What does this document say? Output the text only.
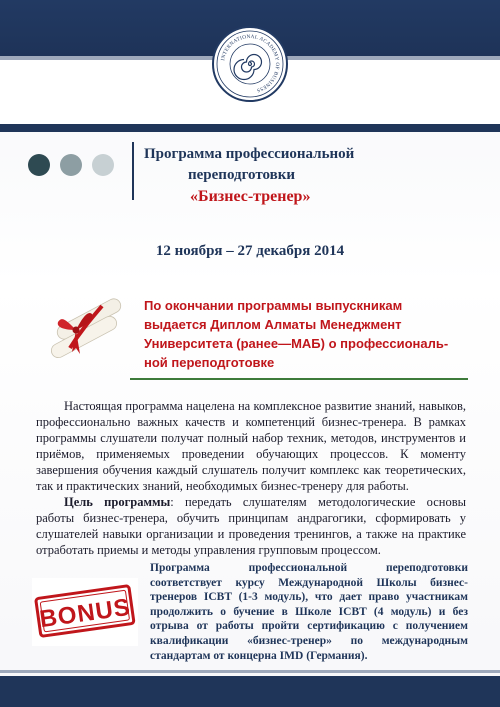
INTERNATIONAL ACADEMY OF BUSINESS
Программа профессиональной
переподготовки
«Бизнес-тренер»
12 ноября – 27 декабря 2014
По окончании программы выпускникам выдается Диплом Алматы Менеджмент Университета (ранее—МАБ) о профессиональ-ной переподготовке

Настоящая программа нацелена на комплексное развитие знаний, навыков, профессионально важных качеств и компетенций бизнес-тренера. В рамках программы слушатели получат полный набор техник, методов, инструментов и приёмов, применяемых проведении обучающих процессов. К моменту завершения обучения каждый слушатель получит комплекс как теоретических, так и практических знаний, необходимых бизнес-тренеру для работы.

Цель программы: передать слушателям методологические основы работы бизнес-тренера, обучить принципам андрагогики, сформировать у слушателей навыки организации и проведения тренингов, а также на практике отработать приемы и методы управления групповым процессом.

BONUS
Программа профессиональной переподготовки соответствует курсу Международной Школы бизнес-тренеров ICBT (1-3 модуль), что дает право участникам продолжить о бучение в Школе ICBT (4 модуль) и без отрыва от работы пройти сертификацию с получением квалификации «бизнес-тренер» по международным стандартам от концерна IMD (Германия).
